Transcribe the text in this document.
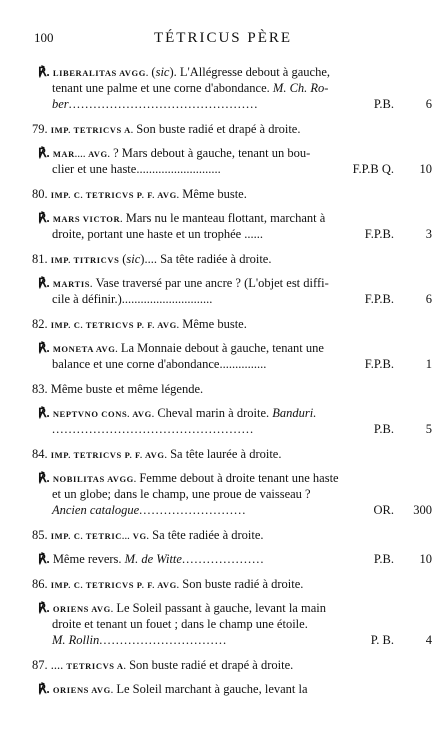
100	TÉTRICUS PÈRE
℟. LIBERALITAS AVGG. (sic). L'Allégresse debout à gauche,
tenant une palme et une corne d'abondance. M. Ch. Ro-
ber..............................................	P.B.	6
79. IMP. TETRICVS A. Son buste radié et drapé à droite.
℟. MAR.... AVG. ? Mars debout à gauche, tenant un bou-
clier et une haste...........................	F.P.B Q.	10
80. IMP. C. TETRICVS P. F. AVG. Même buste.
℟. MARS VICTOR. Mars nu le manteau flottant, marchant à
droite, portant une haste et un trophée ......	F.P.B.	3
81. IMP. TITRICVS (sic).... Sa tête radiée à droite.
℟. MARTIS. Vase traversé par une ancre ? (L'objet est diffi-
cile à définir.).............................	F.P.B.	6
82. IMP. C. TETRICVS P. F. AVG. Même buste.
℟. MONETA AVG. La Monnaie debout à gauche, tenant une
balance et une corne d'abondance...............	F.P.B.	1
83. Même buste et même légende.
℟. NEPTVNO CONS. AVG. Cheval marin à droite. Banduri.
.................................................	P.B.	5
84. IMP. TETRICVS P. F. AVG. Sa tête laurée à droite.
℟. NOBILITAS AVGG. Femme debout à droite tenant une haste
et un globe; dans le champ, une proue de vaisseau ?
Ancien catalogue..........................	OR.	300
85. IMP. C. TETRIC... VG. Sa tête radiée à droite.
℟. Même revers. M. de Witte....................	P.B.	10
86. IMP. C. TETRICVS P. F. AVG. Son buste radié à droite.
℟. ORIENS AVG. Le Soleil passant à gauche, levant la main
droite et tenant un fouet ; dans le champ une étoile.
M. Rollin...............................	P. B.	4
87. .... TETRICVS A. Son buste radié et drapé à droite.
℟. ORIENS AVG. Le Soleil marchant à gauche, levant la
